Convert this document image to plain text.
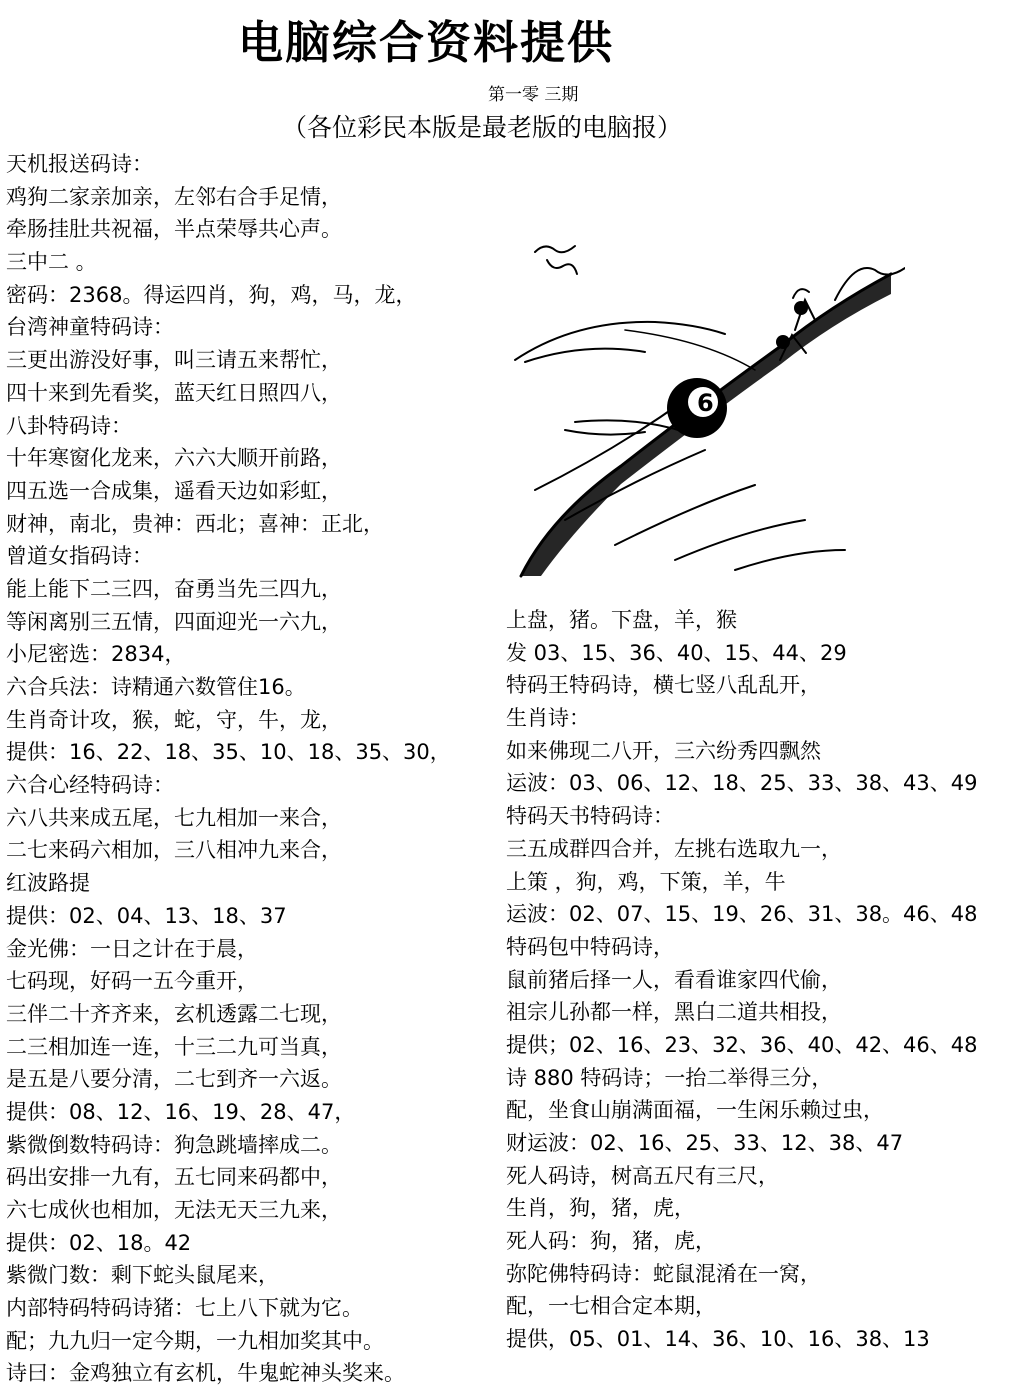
电脑综合资料提供
第一零 三期
（各位彩民本版是最老版的电脑报）
天机报送码诗：
鸡狗二家亲加亲，左邻右合手足情，
牵肠挂肚共祝福，半点荣辱共心声。
三中二 。
密码：2368。得运四肖，狗，鸡，马，龙，
台湾神童特码诗：
三更出游没好事，叫三请五来帮忙，
四十来到先看奖，蓝天红日照四八，
八卦特码诗：
十年寒窗化龙来，六六大顺开前路，
四五选一合成集，遥看天边如彩虹，
财神，南北，贵神：西北；喜神：正北，
曾道女指码诗：
能上能下二三四，奋勇当先三四九，
等闲离别三五情，四面迎光一六九，
小尼密选：2834，
六合兵法：诗精通六数管住16。
生肖奇计攻，猴，蛇，守，牛，龙，
提供：16、22、18、35、10、18、35、30，
六合心经特码诗：
六八共来成五尾，七九相加一来合，
二七来码六相加，三八相冲九来合，
红波路提
提供：02、04、13、18、37
金光佛：一日之计在于晨，
七码现，好码一五今重开，
三伴二十齐齐来，玄机透露二七现，
二三相加连一连，十三二九可当真，
是五是八要分清，二七到齐一六返。
提供：08、12、16、19、28、47，
紫微倒数特码诗：狗急跳墙摔成二。
码出安排一九有，五七同来码都中，
六七成伙也相加，无法无天三九来，
提供：02、18。42
紫微门数：剩下蛇头鼠尾来，
内部特码特码诗猪：七上八下就为它。
配；九九归一定今期，一九相加奖其中。
诗曰：金鸡独立有玄机，牛鬼蛇神头奖来。
6
上盘，猪。下盘，羊，猴
发 03、15、36、40、15、44、29
特码王特码诗，横七竖八乱乱开，
生肖诗：
如来佛现二八开，三六纷秀四飘然
运波：03、06、12、18、25、33、38、43、49
特码天书特码诗：
三五成群四合并，左挑右选取九一，
上策 ，狗，鸡，下策，羊，牛
运波：02、07、15、19、26、31、38。46、48
特码包中特码诗，
鼠前猪后择一人，看看谁家四代偷，
祖宗儿孙都一样，黑白二道共相投，
提供；02、16、23、32、36、40、42、46、48
诗 880 特码诗；一抬二举得三分，
配，坐食山崩满面福，一生闲乐赖过虫，
财运波：02、16、25、33、12、38、47
死人码诗，树高五尺有三尺，
生肖，狗，猪，虎，
死人码：狗，猪，虎，
弥陀佛特码诗：蛇鼠混淆在一窝，
配，一七相合定本期，
提供，05、01、14、36、10、16、38、13
